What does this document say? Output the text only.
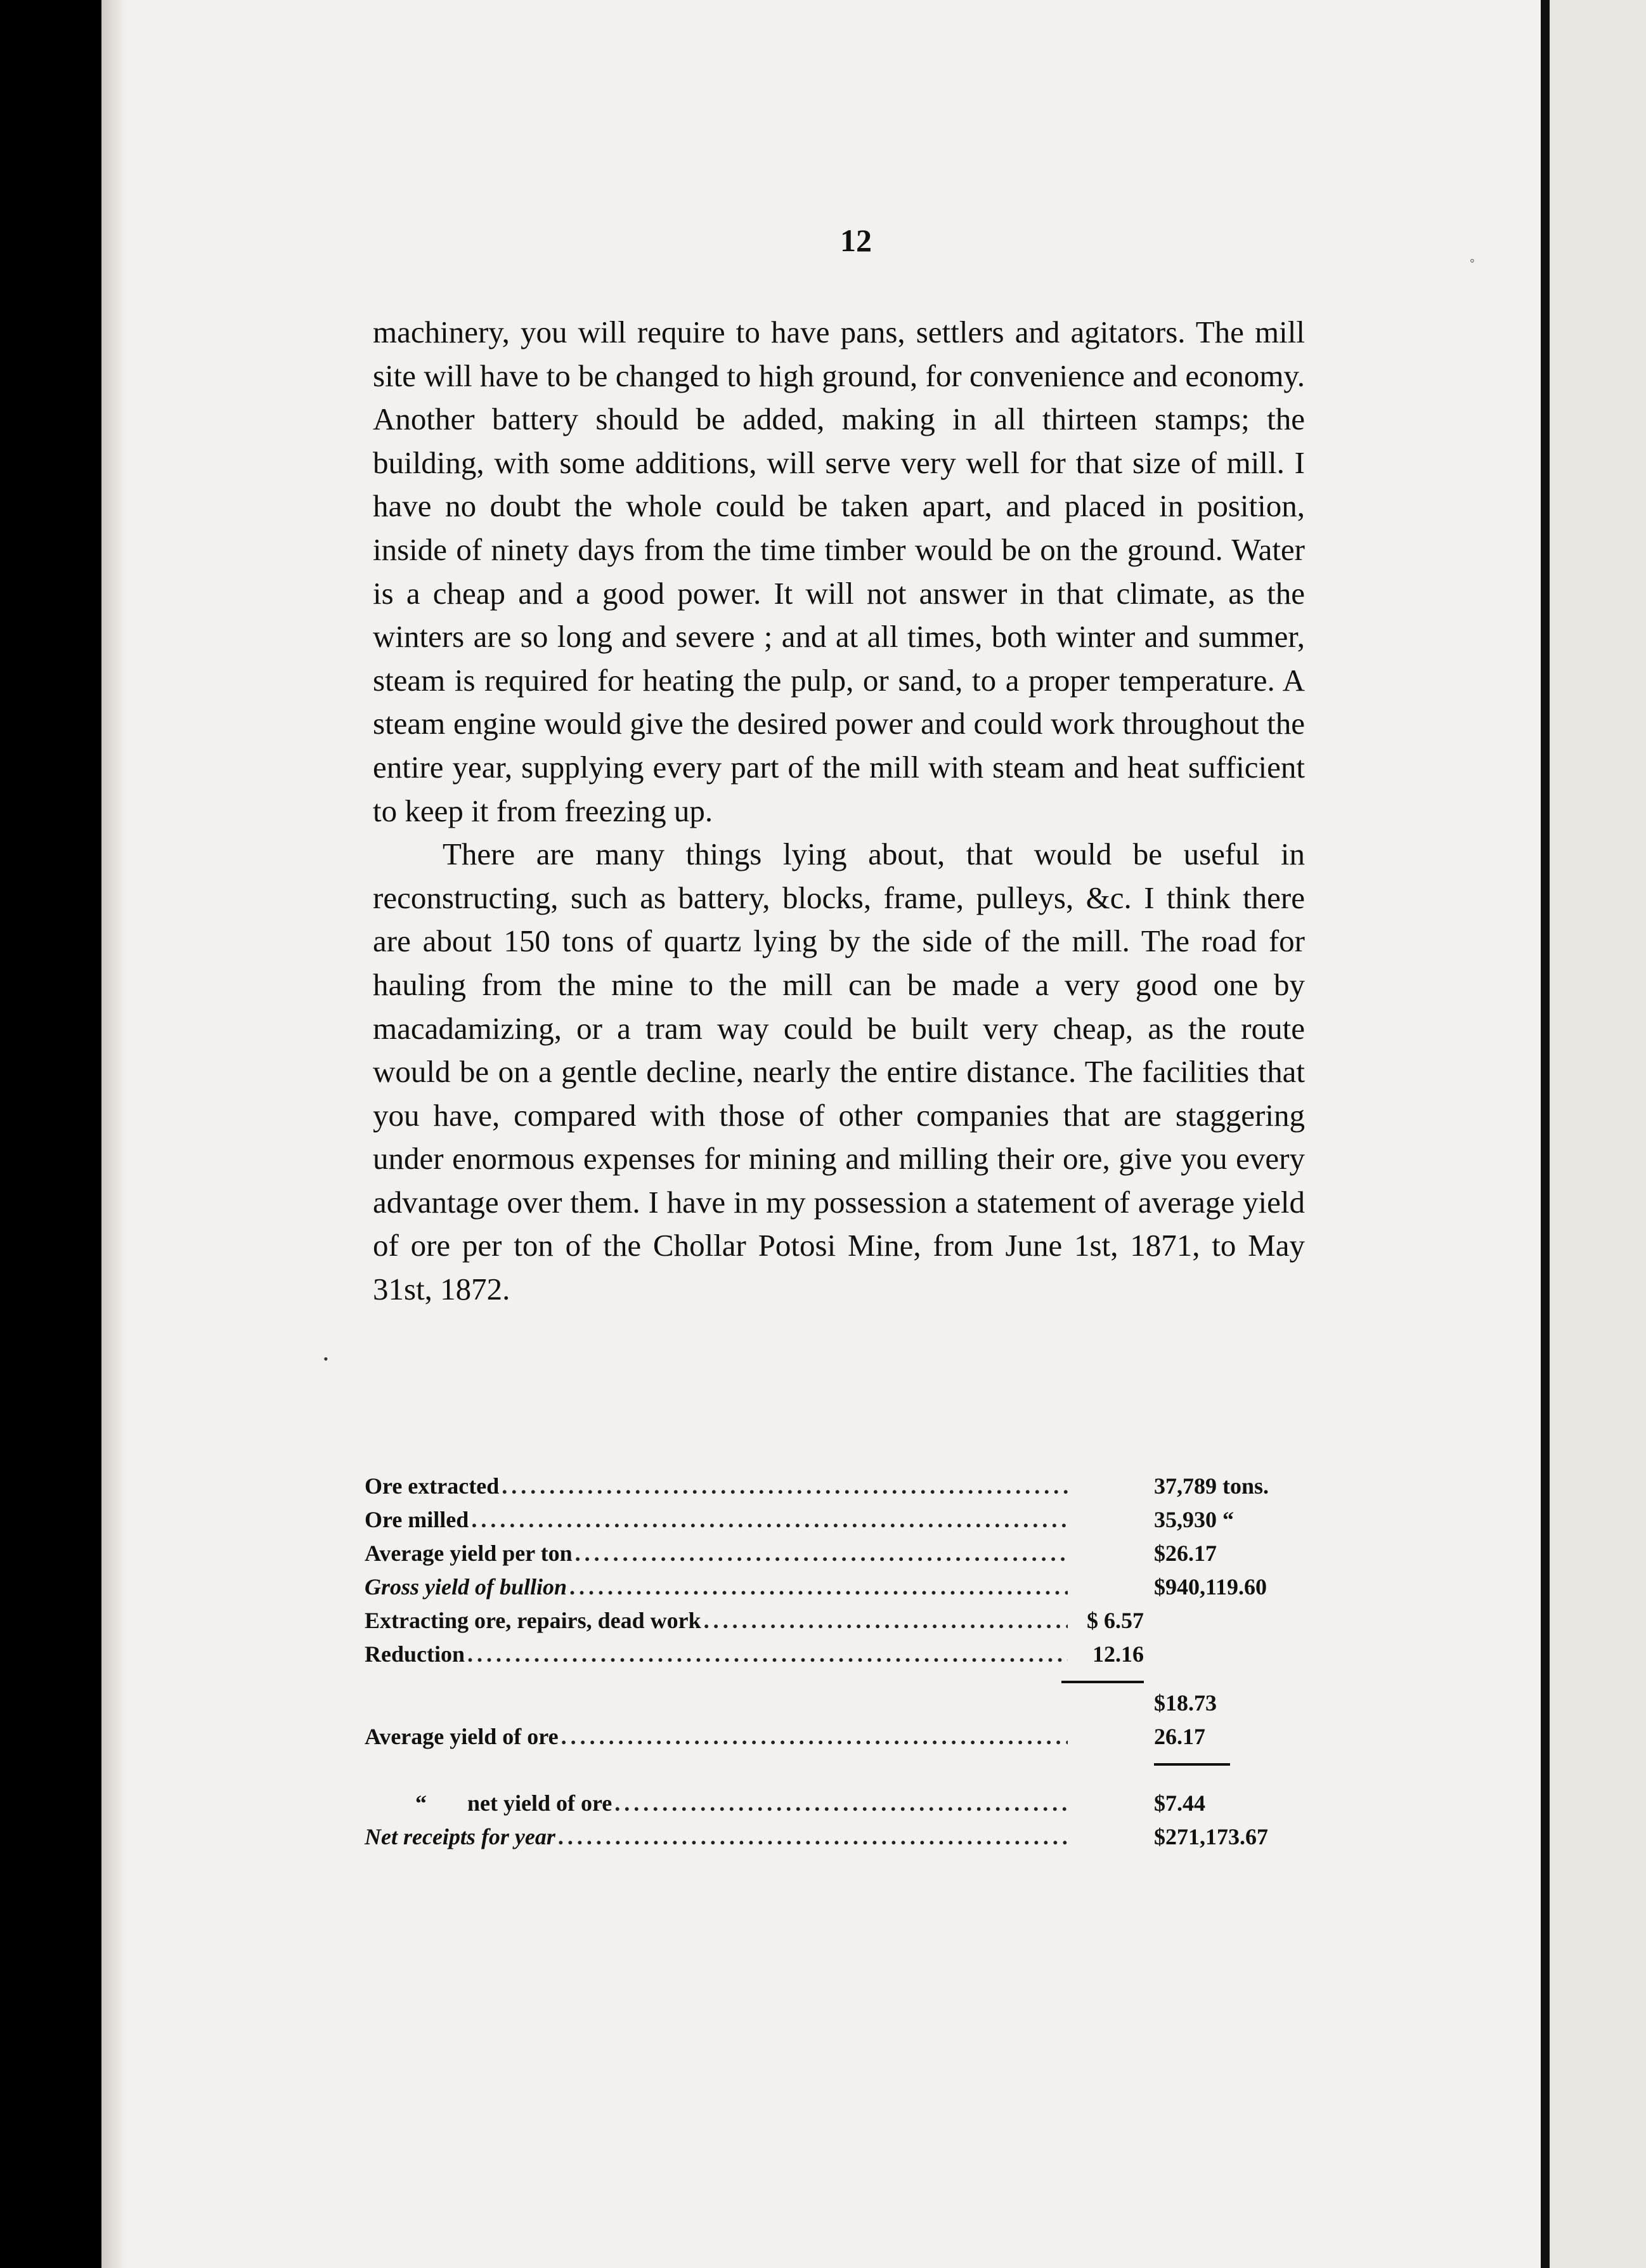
12

machinery, you will require to have pans, settlers and agitators. The mill site will have to be changed to high ground, for convenience and economy. Another battery should be added, making in all thirteen stamps; the building, with some additions, will serve very well for that size of mill. I have no doubt the whole could be taken apart, and placed in position, inside of ninety days from the time timber would be on the ground. Water is a cheap and a good power. It will not answer in that climate, as the winters are so long and severe ; and at all times, both winter and summer, steam is required for heating the pulp, or sand, to a proper temperature. A steam engine would give the desired power and could work throughout the entire year, supplying every part of the mill with steam and heat sufficient to keep it from freezing up.

There are many things lying about, that would be useful in reconstructing, such as battery, blocks, frame, pulleys, &c. I think there are about 150 tons of quartz lying by the side of the mill. The road for hauling from the mine to the mill can be made a very good one by macadamizing, or a tram way could be built very cheap, as the route would be on a gentle decline, nearly the entire distance. The facilities that you have, compared with those of other companies that are staggering under enormous expenses for mining and milling their ore, give you every advantage over them. I have in my possession a statement of average yield of ore per ton of the Chollar Potosi Mine, from June 1st, 1871, to May 31st, 1872.

Ore extracted .....	37,789 tons.
Ore milled .....	35,930 “
Average yield per ton .....	$26.17
Gross yield of bullion .....	$940,119.60
Extracting ore, repairs, dead work .....	$ 6.57
Reduction .....	12.16
$18.73
Average yield of ore .....	26.17
“ net yield of ore .....	$7.44
Net receipts for year .....	$271,173.67
◦
•
